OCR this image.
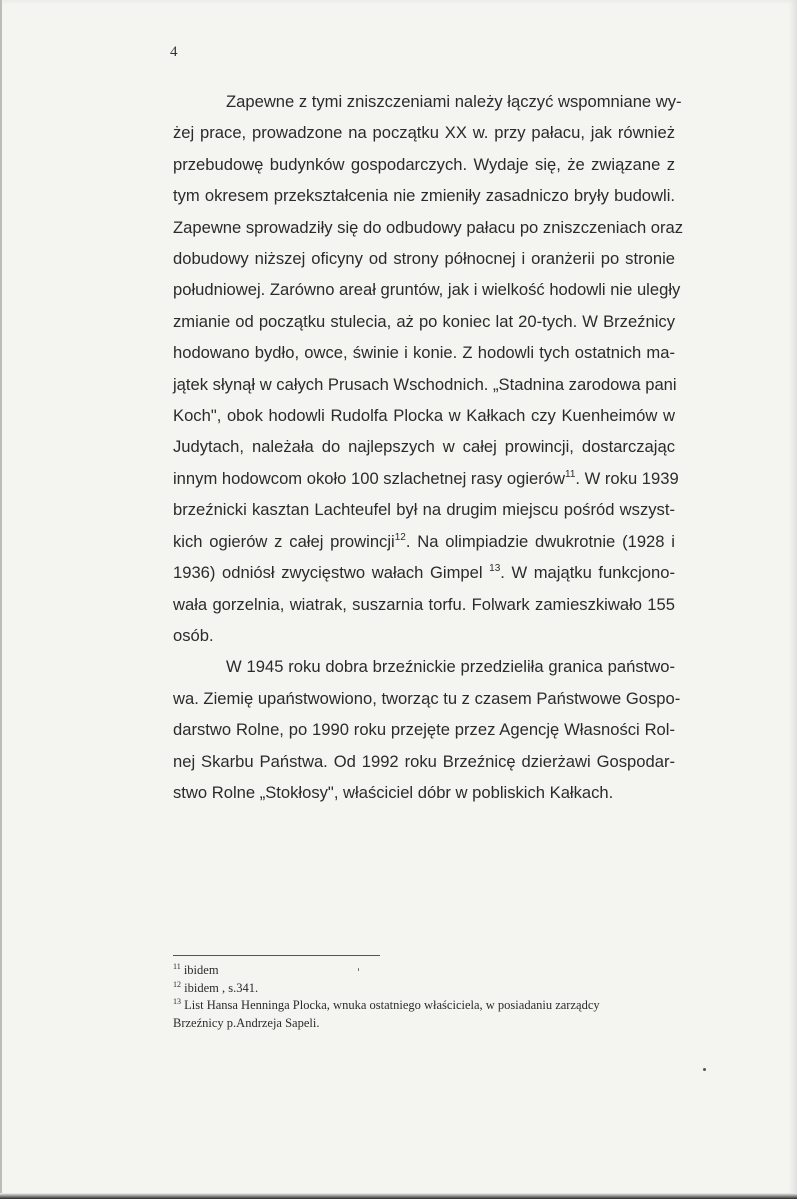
4

Zapewne z tymi zniszczeniami należy łączyć wspomniane wy-
żej prace, prowadzone na początku XX w. przy pałacu, jak również
przebudowę budynków gospodarczych. Wydaje się, że związane z
tym okresem przekształcenia nie zmieniły zasadniczo bryły budowli.
Zapewne sprowadziły się do odbudowy pałacu po zniszczeniach oraz
dobudowy niższej oficyny od strony północnej i oranżerii po stronie
południowej. Zarówno areał gruntów, jak i wielkość hodowli nie uległy
zmianie od początku stulecia, aż po koniec lat 20-tych. W Brzeźnicy
hodowano bydło, owce, świnie i konie. Z hodowli tych ostatnich ma-
jątek słynął w całych Prusach Wschodnich. „Stadnina zarodowa pani
Koch", obok hodowli Rudolfa Plocka w Kałkach czy Kuenheimów w
Judytach, należała do najlepszych w całej prowincji, dostarczając
innym hodowcom około 100 szlachetnej rasy ogierów$^{11}$. W roku 1939
brzeźnicki kasztan Lachteufel był na drugim miejscu pośród wszyst-
kich ogierów z całej prowincji$^{12}$. Na olimpiadzie dwukrotnie (1928 i
1936) odniósł zwycięstwo wałach Gimpel $^{13}$. W majątku funkcjono-
wała gorzelnia, wiatrak, suszarnia torfu. Folwark zamieszkiwało 155
osób.

W 1945 roku dobra brzeźnickie przedzieliła granica państwo-
wa. Ziemię upaństwowiono, tworząc tu z czasem Państwowe Gospo-
darstwo Rolne, po 1990 roku przejęte przez Agencję Własności Rol-
nej Skarbu Państwa. Od 1992 roku Brzeźnicę dzierżawi Gospodar-
stwo Rolne „Stokłosy", właściciel dóbr w pobliskich Kałkach.

$^{11}$ ibidem
$^{12}$ ibidem , s.341.
$^{13}$ List Hansa Henninga Plocka, wnuka ostatniego właściciela, w posiadaniu zarządcy
Brzeźnicy p.Andrzeja Sapeli.
